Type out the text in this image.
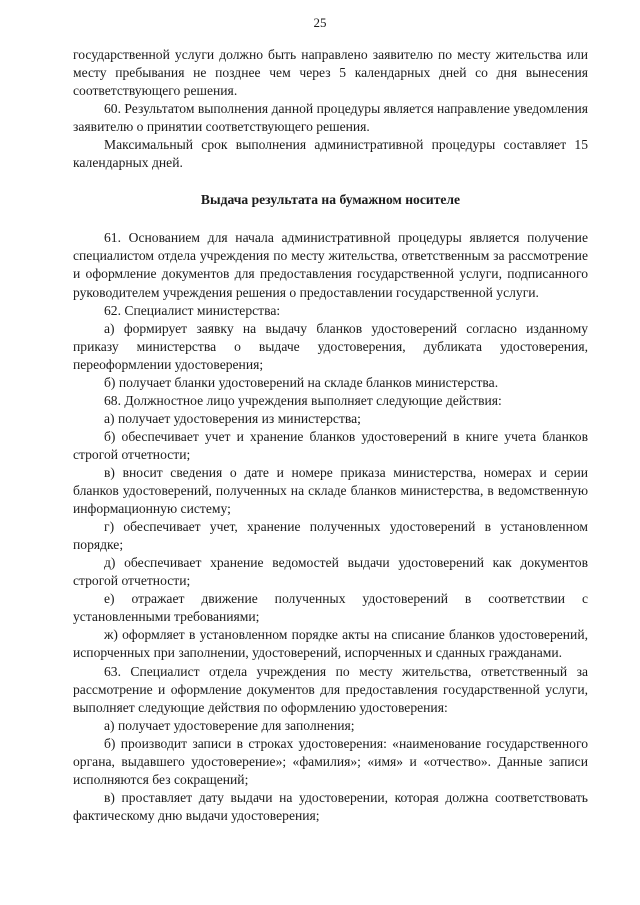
25

государственной услуги должно быть направлено заявителю по месту жительства или месту пребывания не позднее чем через 5 календарных дней со дня вынесения соответствующего решения.

60. Результатом выполнения данной процедуры является направление уведомления заявителю о принятии соответствующего решения.

Максимальный срок выполнения административной процедуры составляет 15 календарных дней.

Выдача результата на бумажном носителе

61. Основанием для начала административной процедуры является получение специалистом отдела учреждения по месту жительства, ответственным за рассмотрение и оформление документов для предоставления государственной услуги, подписанного руководителем учреждения решения о предоставлении государственной услуги.

62. Специалист министерства:

а) формирует заявку на выдачу бланков удостоверений согласно изданному приказу министерства о выдаче удостоверения, дубликата удостоверения, переоформлении удостоверения;

б) получает бланки удостоверений на складе бланков министерства.

68. Должностное лицо учреждения выполняет следующие действия:

а) получает удостоверения из министерства;

б) обеспечивает учет и хранение бланков удостоверений в книге учета бланков строгой отчетности;

в) вносит сведения о дате и номере приказа министерства, номерах и серии бланков удостоверений, полученных на складе бланков министерства, в ведомственную информационную систему;

г) обеспечивает учет, хранение полученных удостоверений в установленном порядке;

д) обеспечивает хранение ведомостей выдачи удостоверений как документов строгой отчетности;

е) отражает движение полученных удостоверений в соответствии с установленными требованиями;

ж) оформляет в установленном порядке акты на списание бланков удостоверений, испорченных при заполнении, удостоверений, испорченных и сданных гражданами.

63. Специалист отдела учреждения по месту жительства, ответственный за рассмотрение и оформление документов для предоставления государственной услуги, выполняет следующие действия по оформлению удостоверения:

а) получает удостоверение для заполнения;

б) производит записи в строках удостоверения: «наименование государственного органа, выдавшего удостоверение»; «фамилия»; «имя» и «отчество». Данные записи исполняются без сокращений;

в) проставляет дату выдачи на удостоверении, которая должна соответствовать фактическому дню выдачи удостоверения;
